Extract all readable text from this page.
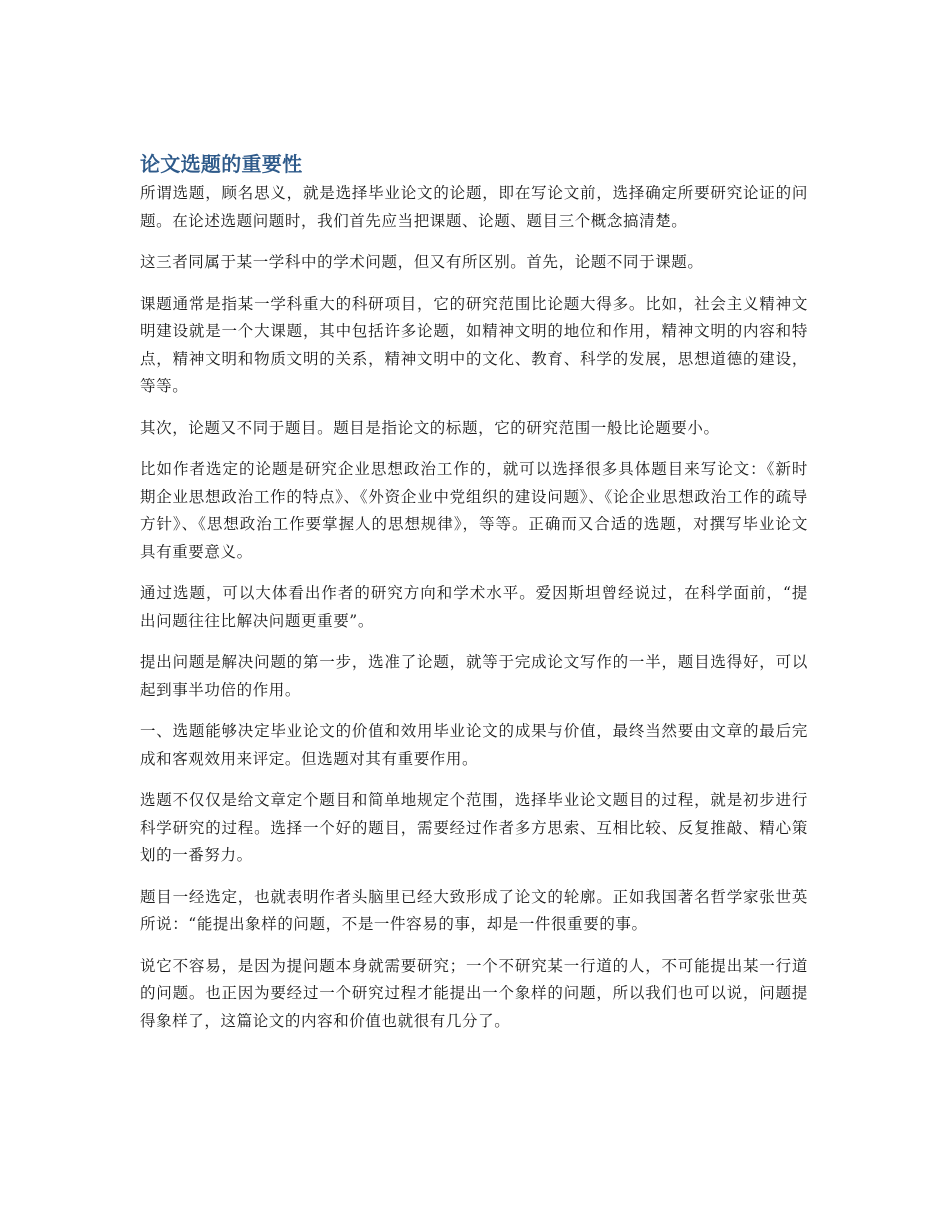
论文选题的重要性

所谓选题，顾名思义，就是选择毕业论文的论题，即在写论文前，选择确定所要研究论证的问题。在论述选题问题时，我们首先应当把课题、论题、题目三个概念搞清楚。

这三者同属于某一学科中的学术问题，但又有所区别。首先，论题不同于课题。

课题通常是指某一学科重大的科研项目，它的研究范围比论题大得多。比如，社会主义精神文明建设就是一个大课题，其中包括许多论题，如精神文明的地位和作用，精神文明的内容和特点，精神文明和物质文明的关系，精神文明中的文化、教育、科学的发展，思想道德的建设，等等。

其次，论题又不同于题目。题目是指论文的标题，它的研究范围一般比论题要小。

比如作者选定的论题是研究企业思想政治工作的，就可以选择很多具体题目来写论文：《新时期企业思想政治工作的特点》、《外资企业中党组织的建设问题》、《论企业思想政治工作的疏导方针》、《思想政治工作要掌握人的思想规律》，等等。正确而又合适的选题，对撰写毕业论文具有重要意义。

通过选题，可以大体看出作者的研究方向和学术水平。爱因斯坦曾经说过，在科学面前，“提出问题往往比解决问题更重要”。

提出问题是解决问题的第一步，选准了论题，就等于完成论文写作的一半，题目选得好，可以起到事半功倍的作用。

一、选题能够决定毕业论文的价值和效用毕业论文的成果与价值，最终当然要由文章的最后完成和客观效用来评定。但选题对其有重要作用。

选题不仅仅是给文章定个题目和简单地规定个范围，选择毕业论文题目的过程，就是初步进行科学研究的过程。选择一个好的题目，需要经过作者多方思索、互相比较、反复推敲、精心策划的一番努力。

题目一经选定，也就表明作者头脑里已经大致形成了论文的轮廓。正如我国著名哲学家张世英所说：“能提出象样的问题，不是一件容易的事，却是一件很重要的事。

说它不容易，是因为提问题本身就需要研究；一个不研究某一行道的人，不可能提出某一行道的问题。也正因为要经过一个研究过程才能提出一个象样的问题，所以我们也可以说，问题提得象样了，这篇论文的内容和价值也就很有几分了。
